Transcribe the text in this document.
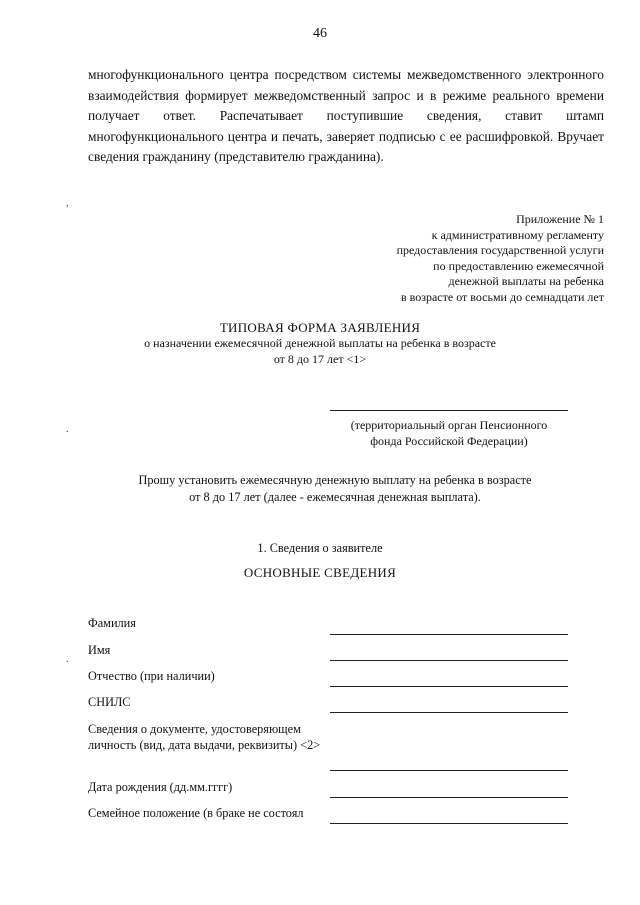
46
многофункционального центра посредством системы межведомственного электронного взаимодействия формирует межведомственный запрос и в режиме реального времени получает ответ. Распечатывает поступившие сведения, ставит штамп многофункционального центра и печать, заверяет подписью с ее расшифровкой. Вручает сведения гражданину (представителю гражданина).
,
.
.
Приложение № 1
к административному регламенту
предоставления государственной услуги
по предоставлению ежемесячной
денежной выплаты на ребенка
в возрасте от восьми до семнадцати лет
ТИПОВАЯ ФОРМА ЗАЯВЛЕНИЯ
о назначении ежемесячной денежной выплаты на ребенка в возрасте
от 8 до 17 лет <1>
(территориальный орган Пенсионного
фонда Российской Федерации)
Прошу установить ежемесячную денежную выплату на ребенка в возрасте
от 8 до 17 лет (далее - ежемесячная денежная выплата).
1. Сведения о заявителе
ОСНОВНЫЕ СВЕДЕНИЯ
Фамилия
Имя
Отчество (при наличии)
СНИЛС
Сведения о документе, удостоверяющем личность (вид, дата выдачи, реквизиты) <2>
Дата рождения (дд.мм.гггг)
Семейное положение (в браке не состоял
